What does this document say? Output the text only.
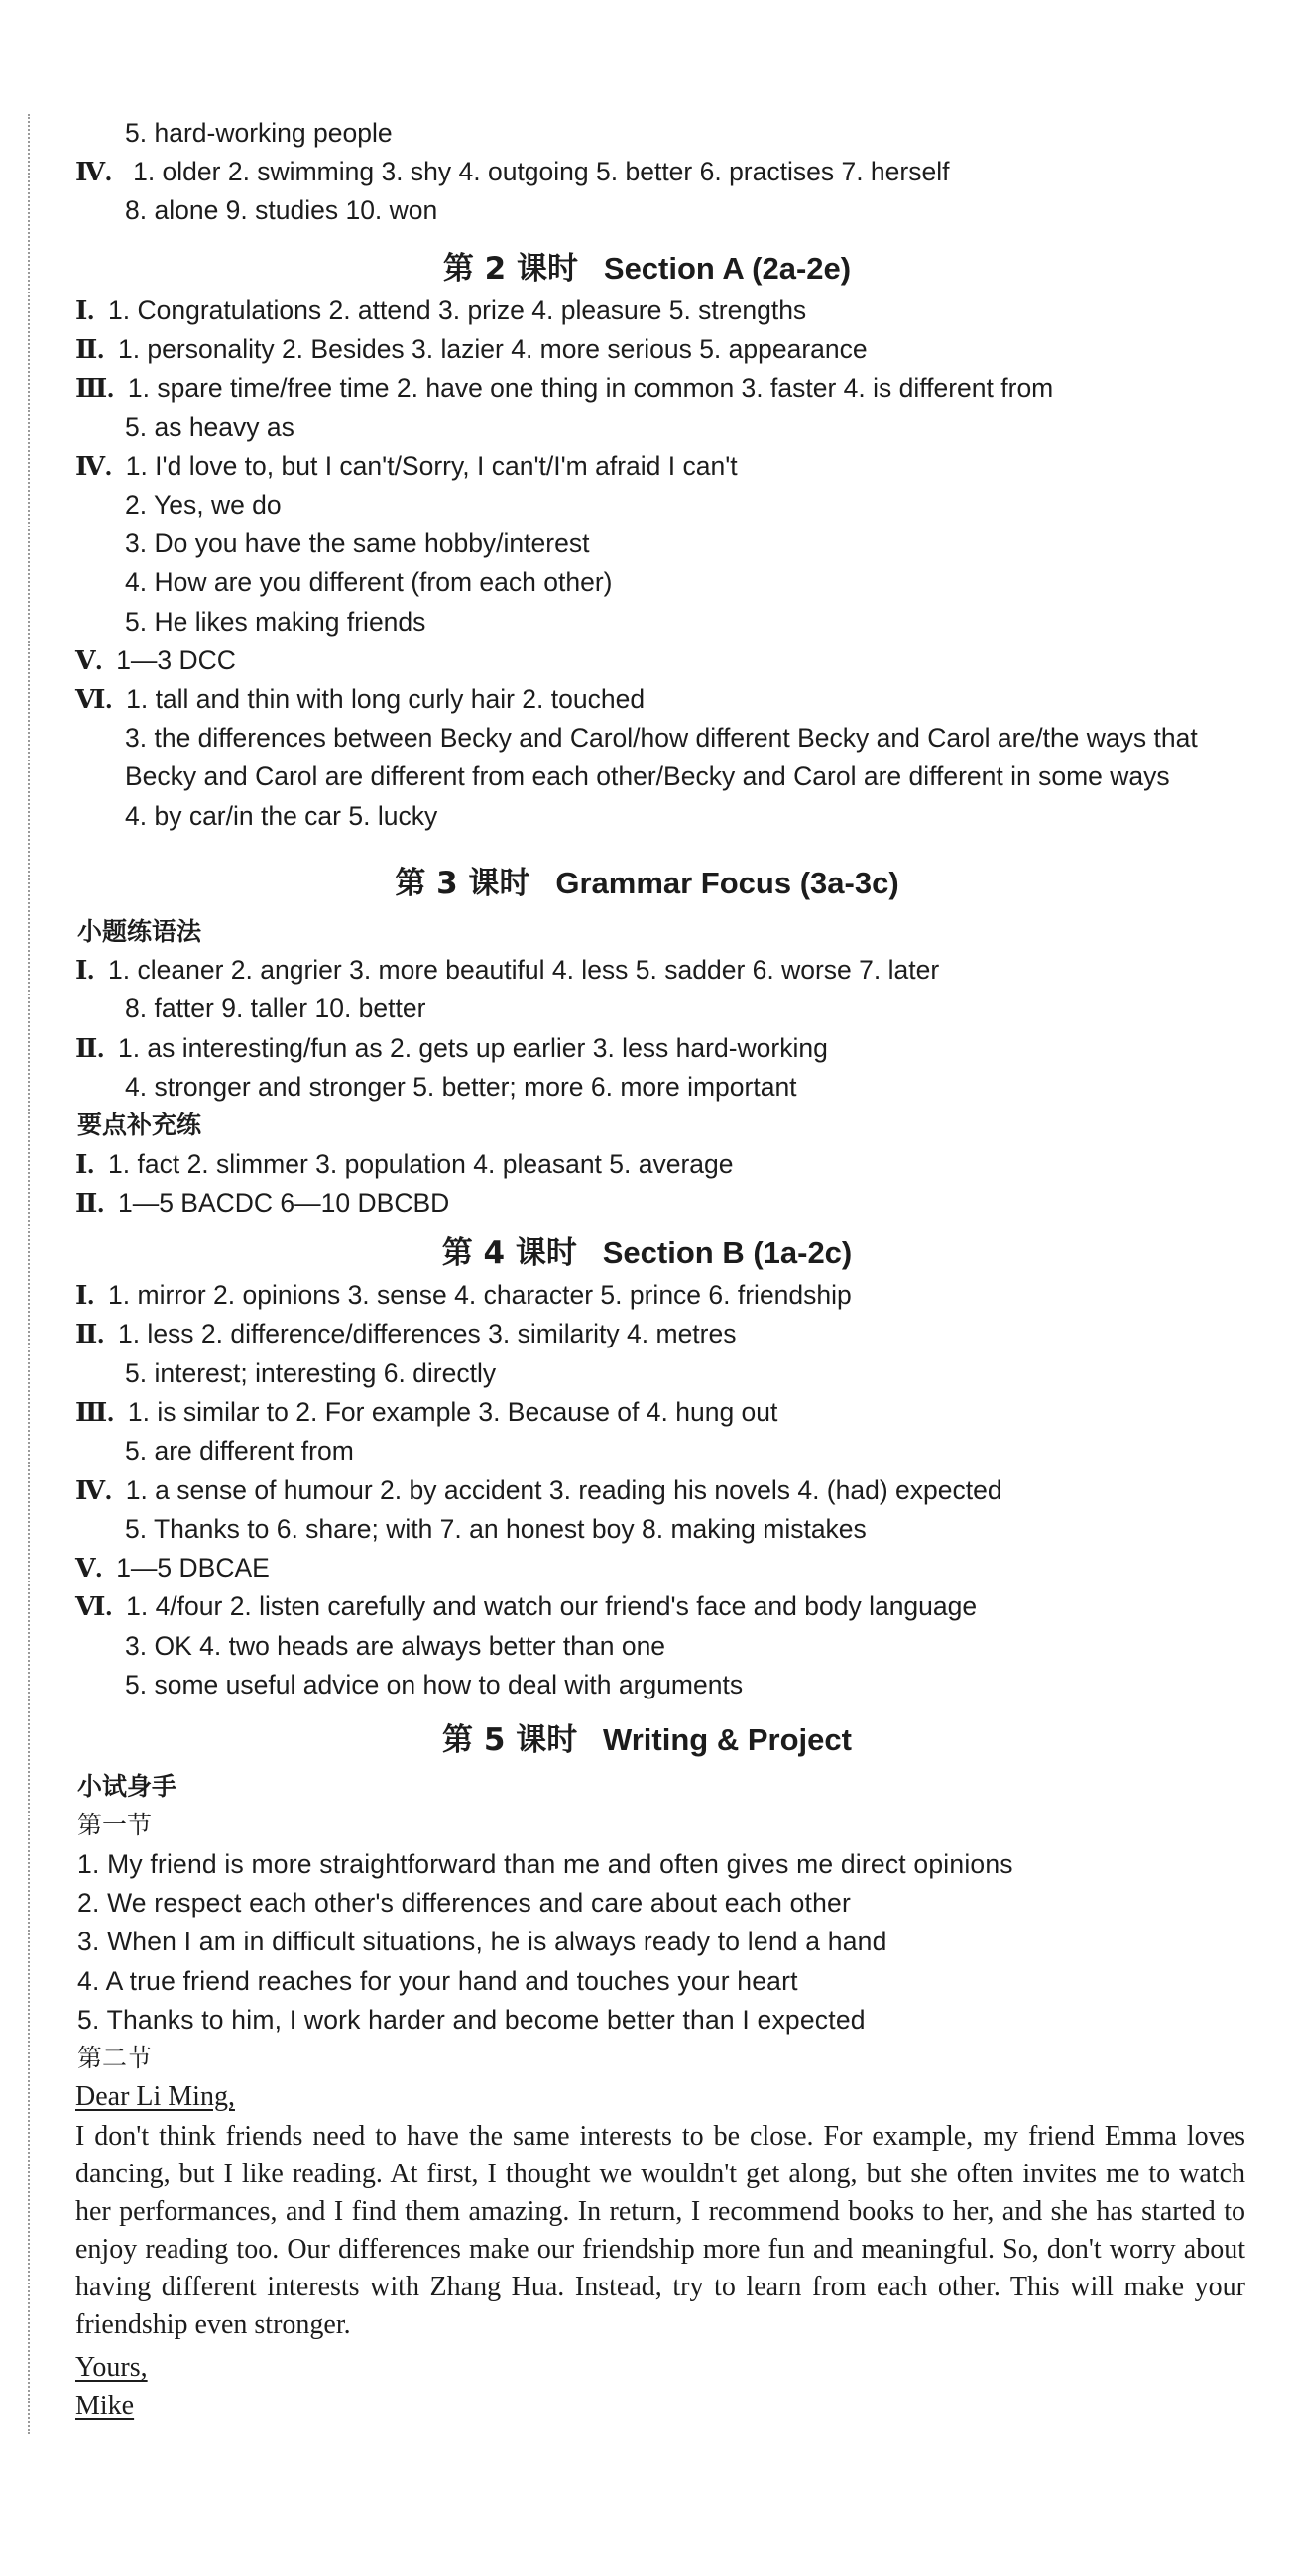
5. hard-working people
Ⅳ. 1. older 2. swimming 3. shy 4. outgoing 5. better 6. practises 7. herself
8. alone 9. studies 10. won
第 2 课时 Section A (2a-2e)
Ⅰ. 1. Congratulations 2. attend 3. prize 4. pleasure 5. strengths
Ⅱ. 1. personality 2. Besides 3. lazier 4. more serious 5. appearance
Ⅲ. 1. spare time/free time 2. have one thing in common 3. faster 4. is different from
5. as heavy as
Ⅳ. 1. I'd love to, but I can't/Sorry, I can't/I'm afraid I can't
2. Yes, we do
3. Do you have the same hobby/interest
4. How are you different (from each other)
5. He likes making friends
Ⅴ. 1—3 DCC
Ⅵ. 1. tall and thin with long curly hair 2. touched
3. the differences between Becky and Carol/how different Becky and Carol are/the ways that
Becky and Carol are different from each other/Becky and Carol are different in some ways
4. by car/in the car 5. lucky
第 3 课时 Grammar Focus (3a-3c)
小题练语法
Ⅰ. 1. cleaner 2. angrier 3. more beautiful 4. less 5. sadder 6. worse 7. later
8. fatter 9. taller 10. better
Ⅱ. 1. as interesting/fun as 2. gets up earlier 3. less hard-working
4. stronger and stronger 5. better; more 6. more important
要点补充练
Ⅰ. 1. fact 2. slimmer 3. population 4. pleasant 5. average
Ⅱ. 1—5 BACDC 6—10 DBCBD
第 4 课时 Section B (1a-2c)
Ⅰ. 1. mirror 2. opinions 3. sense 4. character 5. prince 6. friendship
Ⅱ. 1. less 2. difference/differences 3. similarity 4. metres
5. interest; interesting 6. directly
Ⅲ. 1. is similar to 2. For example 3. Because of 4. hung out
5. are different from
Ⅳ. 1. a sense of humour 2. by accident 3. reading his novels 4. (had) expected
5. Thanks to 6. share; with 7. an honest boy 8. making mistakes
Ⅴ. 1—5 DBCAE
Ⅵ. 1. 4/four 2. listen carefully and watch our friend's face and body language
3. OK 4. two heads are always better than one
5. some useful advice on how to deal with arguments
第 5 课时 Writing & Project
小试身手
第一节
1. My friend is more straightforward than me and often gives me direct opinions
2. We respect each other's differences and care about each other
3. When I am in difficult situations, he is always ready to lend a hand
4. A true friend reaches for your hand and touches your heart
5. Thanks to him, I work harder and become better than I expected
第二节
Dear Li Ming,
I don't think friends need to have the same interests to be close. For example, my friend Emma loves dancing, but I like reading. At first, I thought we wouldn't get along, but she often invites me to watch her performances, and I find them amazing. In return, I recommend books to her, and she has started to enjoy reading too. Our differences make our friendship more fun and meaningful. So, don't worry about having different interests with Zhang Hua. Instead, try to learn from each other. This will make your friendship even stronger.
Yours,
Mike
